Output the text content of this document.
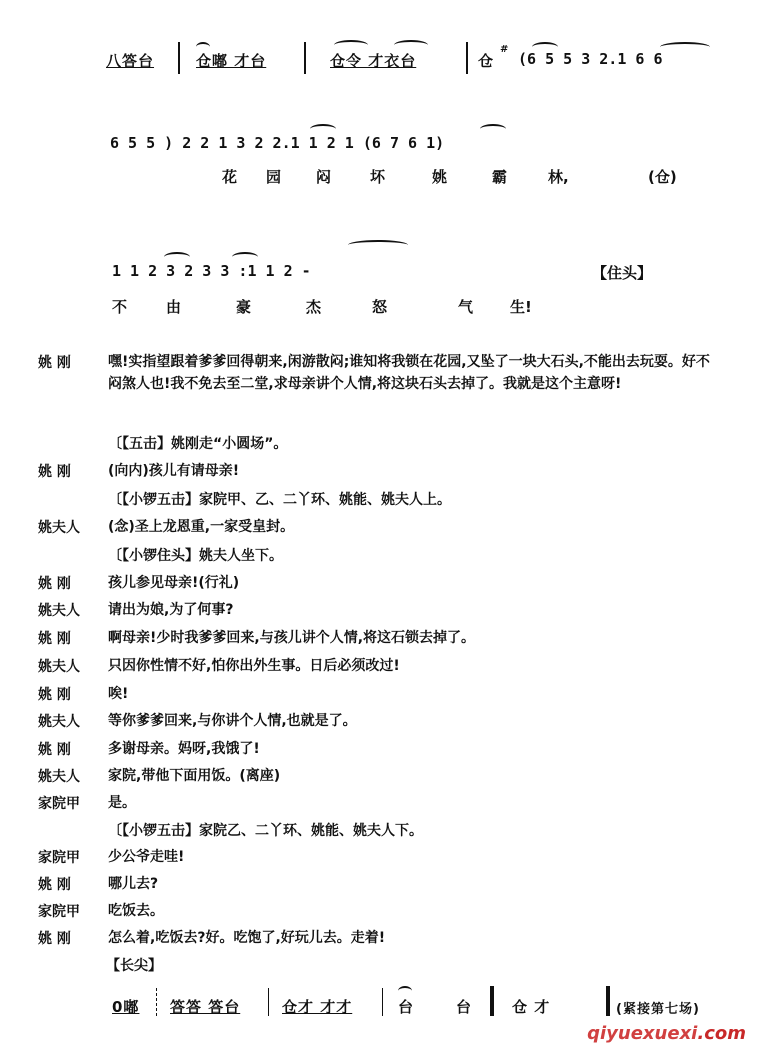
八答台	仓嘟 才台	仓令 才衣台	仓
#
(6 5 5 3 2.1 6 6
6 5 5 ) 2 2 1 3 2 2.1 1 2 1 (6 7 6 1)
花 园 闷	坏	姚	霸	林,	(仓)
1 1 2 3 2 3 3 :1 1 2 -	【住头】
不	由	豪	杰	怒	气 生!
姚 刚	嘿!实指望跟着爹爹回得朝来,闲游散闷;谁知将我锁在花园,又坠了一块大石头,不能出去玩耍。好不闷煞人也!我不免去至二堂,求母亲讲个人情,将这块石头去掉了。我就是这个主意呀!
〔【五击】姚刚走“小圆场”。
姚 刚	(向内)孩儿有请母亲!
〔【小锣五击】家院甲、乙、二丫环、姚能、姚夫人上。
姚夫人	(念)圣上龙恩重,一家受皇封。
〔【小锣住头】姚夫人坐下。
姚 刚	孩儿参见母亲!(行礼)
姚夫人	请出为娘,为了何事?
姚 刚	啊母亲!少时我爹爹回来,与孩儿讲个人情,将这石锁去掉了。
姚夫人	只因你性情不好,怕你出外生事。日后必须改过!
姚 刚	唉!
姚夫人	等你爹爹回来,与你讲个人情,也就是了。
姚 刚	多谢母亲。妈呀,我饿了!
姚夫人	家院,带他下面用饭。(离座)
家院甲	是。
〔【小锣五击】家院乙、二丫环、姚能、姚夫人下。
家院甲	少公爷走哇!
姚 刚	哪儿去?
家院甲	吃饭去。
姚 刚	怎么着,吃饭去?好。吃饱了,好玩儿去。走着!
【长尖】
0嘟 答答 答台	仓才 才才	台	台	仓 才	(紧接第七场)
qiyuexuexi.com
